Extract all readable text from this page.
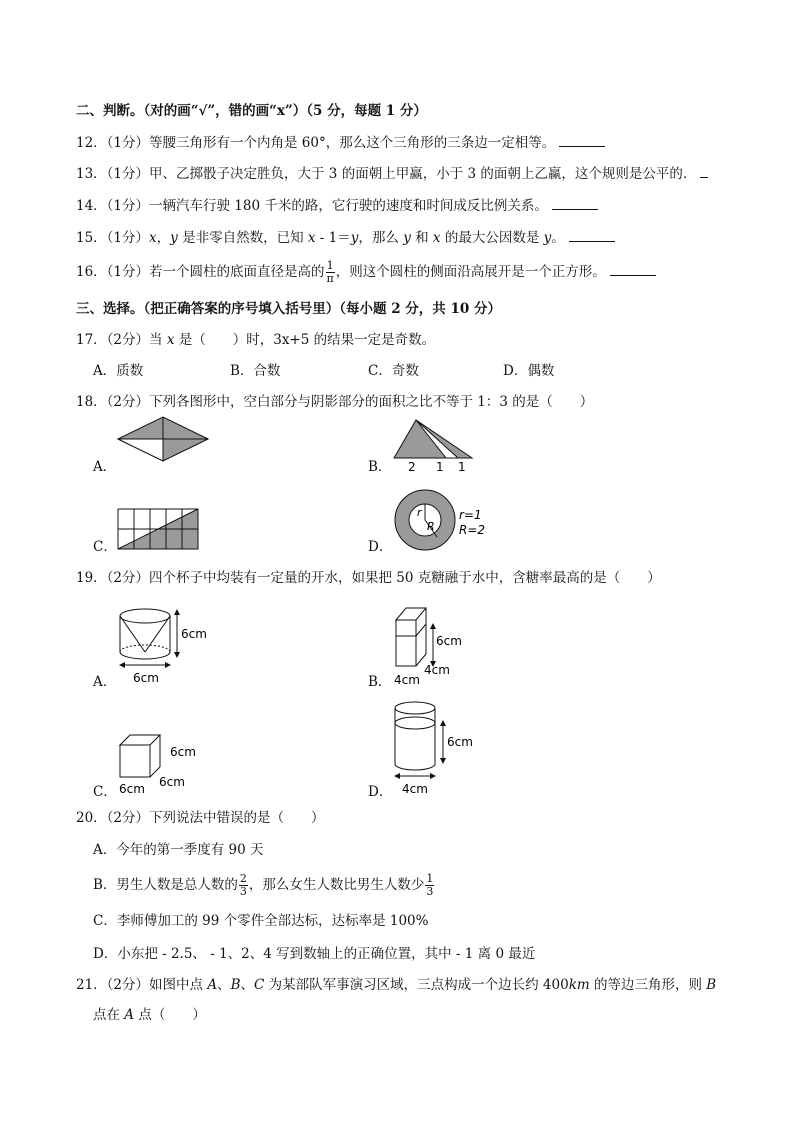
二、判断。（对的画“√”，错的画“x”）（5 分，每题 1 分）
12．（1分）等腰三角形有一个内角是 60°，那么这个三角形的三条边一定相等。
13．（1分）甲、乙掷骰子决定胜负，大于 3 的面朝上甲赢，小于 3 的面朝上乙赢，这个规则是公平的．
14．（1分）一辆汽车行驶 180 千米的路，它行驶的速度和时间成反比例关系。
15．（1分）x，y 是非零自然数，已知 x - 1＝y，那么 y 和 x 的最大公因数是 y。
16．（1分）若一个圆柱的底面直径是高的 $\frac{1}{\pi}$ ，则这个圆柱的侧面沿高展开是一个正方形。
三、选择。（把正确答案的序号填入括号里）（每小题 2 分，共 10 分）
17．（2分）当 x 是（　　）时，3x+5 的结果一定是奇数。
A．质数	B．合数	C．奇数	D．偶数
18．（2分）下列各图形中，空白部分与阴影部分的面积之比不等于 1：3 的是（　　）
A．	B． 2 1 1
C．	D．
r
R
r=1
R=2
19．（2分）四个杯子中均装有一定量的开水，如果把 50 克糖融于水中，含糖率最高的是（　　）
A．
6cm
6cm	B．
6cm
4cm
4cm
C．
6cm
6cm
6cm	D．
6cm
4cm
20．（2分）下列说法中错误的是（　　）
A．今年的第一季度有 90 天
B．男生人数是总人数的 $\frac{2}{3}$ ，那么女生人数比男生人数少 $\frac{1}{3}$
C．李师傅加工的 99 个零件全部达标，达标率是 100%
D．小东把 - 2.5、 - 1、2、4 写到数轴上的正确位置，其中 - 1 离 0 最近
21．（2分）如图中点 A、B、C 为某部队军事演习区域，三点构成一个边长约 400km 的等边三角形，则 B
点在 A 点（　　）
